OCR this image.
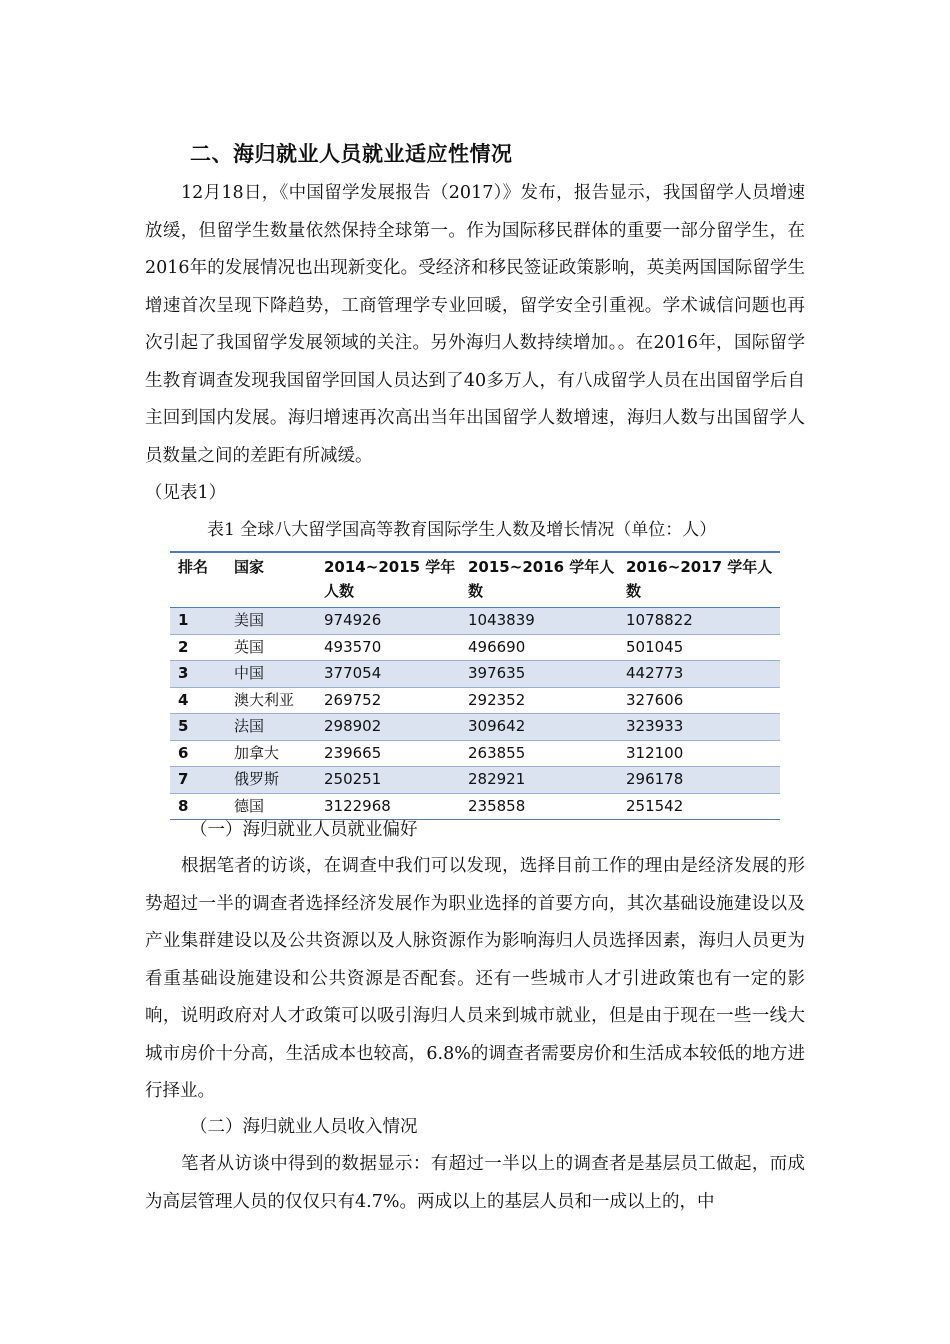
二、海归就业人员就业适应性情况

12月18日，《中国留学发展报告（2017）》发布，报告显示，我国留学人员增速放缓，但留学生数量依然保持全球第一。作为国际移民群体的重要一部分留学生，在2016年的发展情况也出现新变化。受经济和移民签证政策影响，英美两国国际留学生增速首次呈现下降趋势，工商管理学专业回暖，留学安全引重视。学术诚信问题也再次引起了我国留学发展领域的关注。另外海归人数持续增加。。在2016年，国际留学生教育调查发现我国留学回国人员达到了40多万人，有八成留学人员在出国留学后自主回到国内发展。海归增速再次高出当年出国留学人数增速，海归人数与出国留学人员数量之间的差距有所减缓。

（见表1）
表1 全球八大留学国高等教育国际学生人数及增长情况（单位：人）
排名	国家	2014~2015 学年人数	2015~2016 学年人数	2016~2017 学年人数
1	美国	974926	1043839	1078822
2	英国	493570	496690	501045
3	中国	377054	397635	442773
4	澳大利亚	269752	292352	327606
5	法国	298902	309642	323933
6	加拿大	239665	263855	312100
7	俄罗斯	250251	282921	296178
8	德国	3122968	235858	251542
（一）海归就业人员就业偏好

根据笔者的访谈，在调查中我们可以发现，选择目前工作的理由是经济发展的形势超过一半的调查者选择经济发展作为职业选择的首要方向，其次基础设施建设以及产业集群建设以及公共资源以及人脉资源作为影响海归人员选择因素，海归人员更为看重基础设施建设和公共资源是否配套。还有一些城市人才引进政策也有一定的影响，说明政府对人才政策可以吸引海归人员来到城市就业，但是由于现在一些一线大城市房价十分高，生活成本也较高，6.8%的调查者需要房价和生活成本较低的地方进行择业。

（二）海归就业人员收入情况

笔者从访谈中得到的数据显示：有超过一半以上的调查者是基层员工做起，而成为高层管理人员的仅仅只有4.7%。两成以上的基层人员和一成以上的，中
